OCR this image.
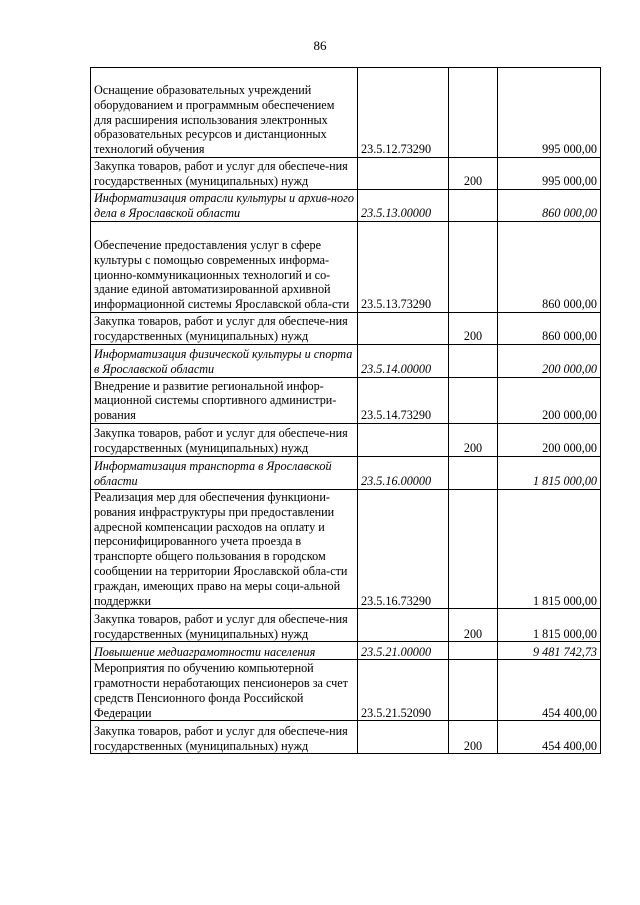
86
Оснащение образовательных учреждений оборудованием и программным обеспечением для расширения использования электронных образовательных ресурсов и дистанционных технологий обучения	23.5.12.73290		995 000,00
Закупка товаров, работ и услуг для обеспече-ния государственных (муниципальных) нужд		200	995 000,00
Информатизация отрасли культуры и архив-ного дела в Ярославской области	23.5.13.00000		860 000,00
Обеспечение предоставления услуг в сфере культуры с помощью современных информа-ционно-коммуникационных технологий и со-здание единой автоматизированной архивной информационной системы Ярославской обла-сти	23.5.13.73290		860 000,00
Закупка товаров, работ и услуг для обеспече-ния государственных (муниципальных) нужд		200	860 000,00
Информатизация физической культуры и спорта в Ярославской области	23.5.14.00000		200 000,00
Внедрение и развитие региональной инфор-мационной системы спортивного администри-рования	23.5.14.73290		200 000,00
Закупка товаров, работ и услуг для обеспече-ния государственных (муниципальных) нужд		200	200 000,00
Информатизация транспорта в Ярославской области	23.5.16.00000		1 815 000,00
Реализация мер для обеспечения функциони-рования инфраструктуры при предоставлении адресной компенсации расходов на оплату и персонифицированного учета проезда в транспорте общего пользования в городском сообщении на территории Ярославской обла-сти граждан, имеющих право на меры соци-альной поддержки	23.5.16.73290		1 815 000,00
Закупка товаров, работ и услуг для обеспече-ния государственных (муниципальных) нужд		200	1 815 000,00
Повышение медиаграмотности населения	23.5.21.00000		9 481 742,73
Мероприятия по обучению компьютерной грамотности неработающих пенсионеров за счет средств Пенсионного фонда Российской Федерации	23.5.21.52090		454 400,00
Закупка товаров, работ и услуг для обеспече-ния государственных (муниципальных) нужд		200	454 400,00
